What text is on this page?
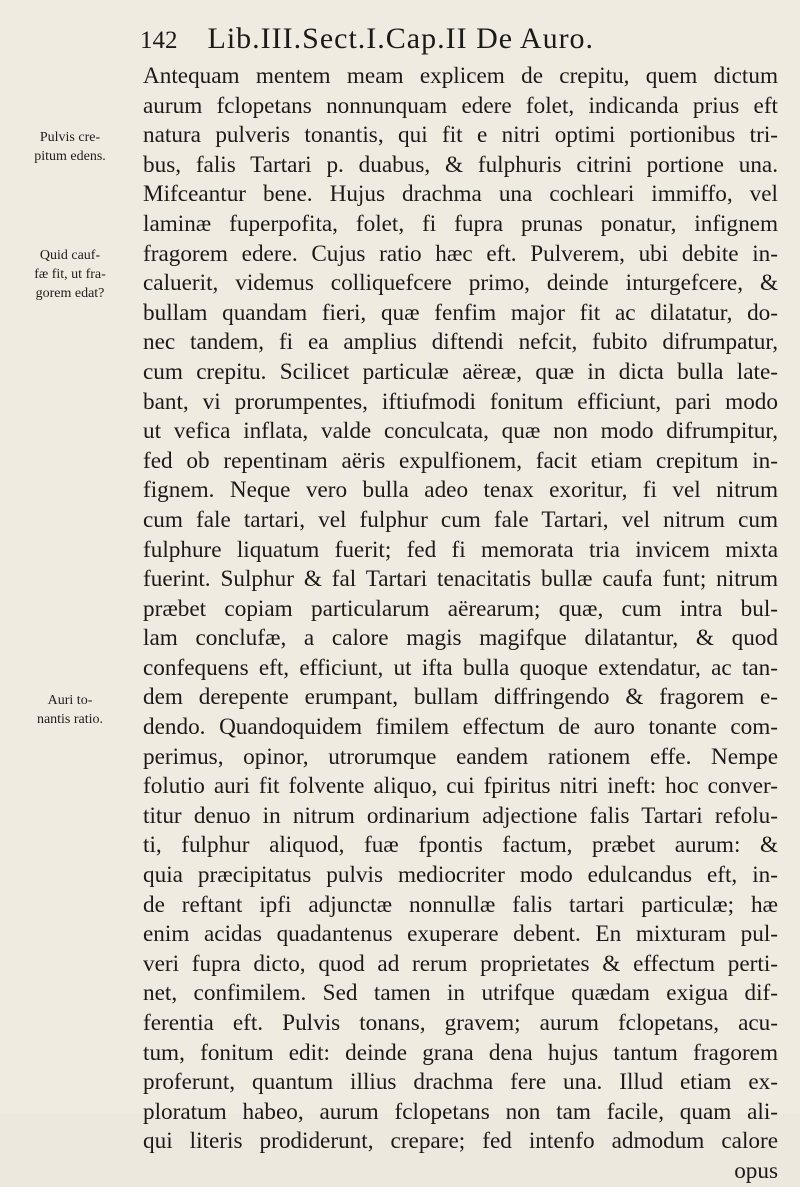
142 Lib.III.Sect.I.Cap.II De Auro.
Pulvis cre-
pitum edens.
Quid cauf-
fæ fit, ut fra-
gorem edat?
Auri to-
nantis ratio.
Antequam mentem meam explicem de crepitu, quem dictum
aurum fclopetans nonnunquam edere folet, indicanda prius eft
natura pulveris tonantis, qui fit e nitri optimi portionibus tri-
bus, falis Tartari p. duabus, & fulphuris citrini portione una.
Mifceantur bene. Hujus drachma una cochleari immiffo, vel
laminæ fuperpofita, folet, fi fupra prunas ponatur, infignem
fragorem edere. Cujus ratio hæc eft. Pulverem, ubi debite in-
caluerit, videmus colliquefcere primo, deinde inturgefcere, &
bullam quandam fieri, quæ fenfim major fit ac dilatatur, do-
nec tandem, fi ea amplius diftendi nefcit, fubito difrumpatur,
cum crepitu. Scilicet particulæ aëreæ, quæ in dicta bulla late-
bant, vi prorumpentes, iftiufmodi fonitum efficiunt, pari modo
ut vefica inflata, valde conculcata, quæ non modo difrumpitur,
fed ob repentinam aëris expulfionem, facit etiam crepitum in-
fignem. Neque vero bulla adeo tenax exoritur, fi vel nitrum
cum fale tartari, vel fulphur cum fale Tartari, vel nitrum cum
fulphure liquatum fuerit; fed fi memorata tria invicem mixta
fuerint. Sulphur & fal Tartari tenacitatis bullæ caufa funt; nitrum
præbet copiam particularum aërearum; quæ, cum intra bul-
lam conclufæ, a calore magis magifque dilatantur, & quod
confequens eft, efficiunt, ut ifta bulla quoque extendatur, ac tan-
dem derepente erumpant, bullam diffringendo & fragorem e-
dendo. Quandoquidem fimilem effectum de auro tonante com-
perimus, opinor, utrorumque eandem rationem effe. Nempe
folutio auri fit folvente aliquo, cui fpiritus nitri ineft: hoc conver-
titur denuo in nitrum ordinarium adjectione falis Tartari refolu-
ti, fulphur aliquod, fuæ fpontis factum, præbet aurum: &
quia præcipitatus pulvis mediocriter modo edulcandus eft, in-
de reftant ipfi adjunctæ nonnullæ falis tartari particulæ; hæ
enim acidas quadantenus exuperare debent. En mixturam pul-
veri fupra dicto, quod ad rerum proprietates & effectum perti-
net, confimilem. Sed tamen in utrifque quædam exigua dif-
ferentia eft. Pulvis tonans, gravem; aurum fclopetans, acu-
tum, fonitum edit: deinde grana dena hujus tantum fragorem
proferunt, quantum illius drachma fere una. Illud etiam ex-
ploratum habeo, aurum fclopetans non tam facile, quam ali-
qui literis prodiderunt, crepare; fed intenfo admodum calore
opus
